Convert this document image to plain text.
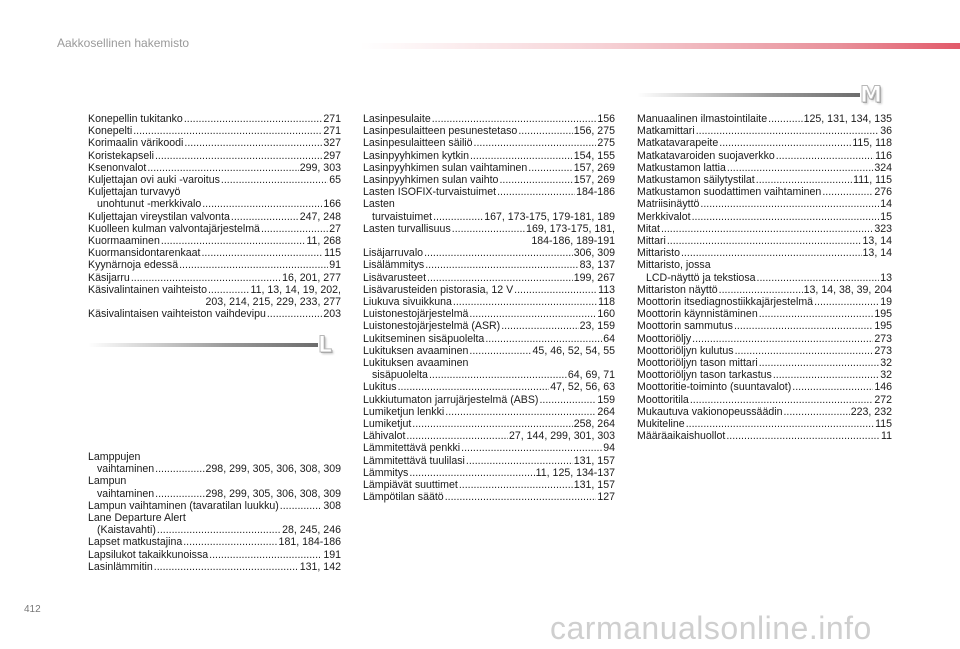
Aakkosellinen hakemisto
Konepellin tukitanko .....	271
Konepelti .....	271
Korimaalin värikoodi .....	327
Koristekapseli .....	297
Ksenonvalot .....	299, 303
Kuljettajan ovi auki -varoitus .....	65
Kuljettajan turvavyö
unohtunut -merkkivalo .....	166
Kuljettajan vireystilan valvonta .....	247, 248
Kuolleen kulman valvontajärjestelmä .....	27
Kuormaaminen .....	11, 268
Kuormansidontarenkaat .....	115
Kyynärnoja edessä .....	91
Käsijarru .....	16, 201, 277
Käsivalintainen vaihteisto .....	11, 13, 14, 19, 202,
203, 214, 215, 229, 233, 277
Käsivalintaisen vaihteiston vaihdevipu .....	203
L
Lamppujen
vaihtaminen .....	298, 299, 305, 306, 308, 309
Lampun
vaihtaminen .....	298, 299, 305, 306, 308, 309
Lampun vaihtaminen (tavaratilan luukku) .....	308
Lane Departure Alert
(Kaistavahti) .....	28, 245, 246
Lapset matkustajina .....	181, 184-186
Lapsilukot takaikkunoissa .....	191
Lasinlämmitin .....	131, 142
Lasinpesulaite .....	156
Lasinpesulaitteen pesunestetaso .....	156, 275
Lasinpesulaitteen säiliö .....	275
Lasinpyyhkimen kytkin .....	154, 155
Lasinpyyhkimen sulan vaihtaminen .....	157, 269
Lasinpyyhkimen sulan vaihto .....	157, 269
Lasten ISOFIX-turvaistuimet .....	184-186
Lasten
turvaistuimet .....	167, 173-175, 179-181, 189
Lasten turvallisuus .....	169, 173-175, 181,
184-186, 189-191
Lisäjarruvalo .....	306, 309
Lisälämmitys .....	83, 137
Lisävarusteet .....	199, 267
Lisävarusteiden pistorasia, 12 V .....	113
Liukuva sivuikkuna .....	118
Luistonestojärjestelmä .....	160
Luistonestojärjestelmä (ASR) .....	23, 159
Lukitseminen sisäpuolelta .....	64
Lukituksen avaaminen .....	45, 46, 52, 54, 55
Lukituksen avaaminen
sisäpuolelta .....	64, 69, 71
Lukitus .....	47, 52, 56, 63
Lukkiutumaton jarrujärjestelmä (ABS) .....	159
Lumiketjun lenkki .....	264
Lumiketjut .....	258, 264
Lähivalot .....	27, 144, 299, 301, 303
Lämmitettävä penkki .....	94
Lämmitettävä tuulilasi .....	131, 157
Lämmitys .....	11, 125, 134-137
Lämpiävät suuttimet .....	131, 157
Lämpötilan säätö .....	127
M
Manuaalinen ilmastointilaite .....	125, 131, 134, 135
Matkamittari .....	36
Matkatavarapeite .....	115, 118
Matkatavaroiden suojaverkko .....	116
Matkustamon lattia .....	324
Matkustamon säilytystilat .....	111, 115
Matkustamon suodattimen vaihtaminen .....	276
Matriisinäyttö .....	14
Merkkivalot .....	15
Mitat .....	323
Mittari .....	13, 14
Mittaristo .....	13, 14
Mittaristo, jossa
LCD-näyttö ja tekstiosa .....	13
Mittariston näyttö .....	13, 14, 38, 39, 204
Moottorin itsediagnostiikkajärjestelmä .....	19
Moottorin käynnistäminen .....	195
Moottorin sammutus .....	195
Moottoriöljy .....	273
Moottoriöljyn kulutus .....	273
Moottoriöljyn tason mittari .....	32
Moottoriöljyn tason tarkastus .....	32
Moottoritie-toiminto (suuntavalot) .....	146
Moottoritila .....	272
Mukautuva vakionopeussäädin .....	223, 232
Mukiteline .....	115
Määräaikaishuollot .....	11
412
carmanualsonline.info
